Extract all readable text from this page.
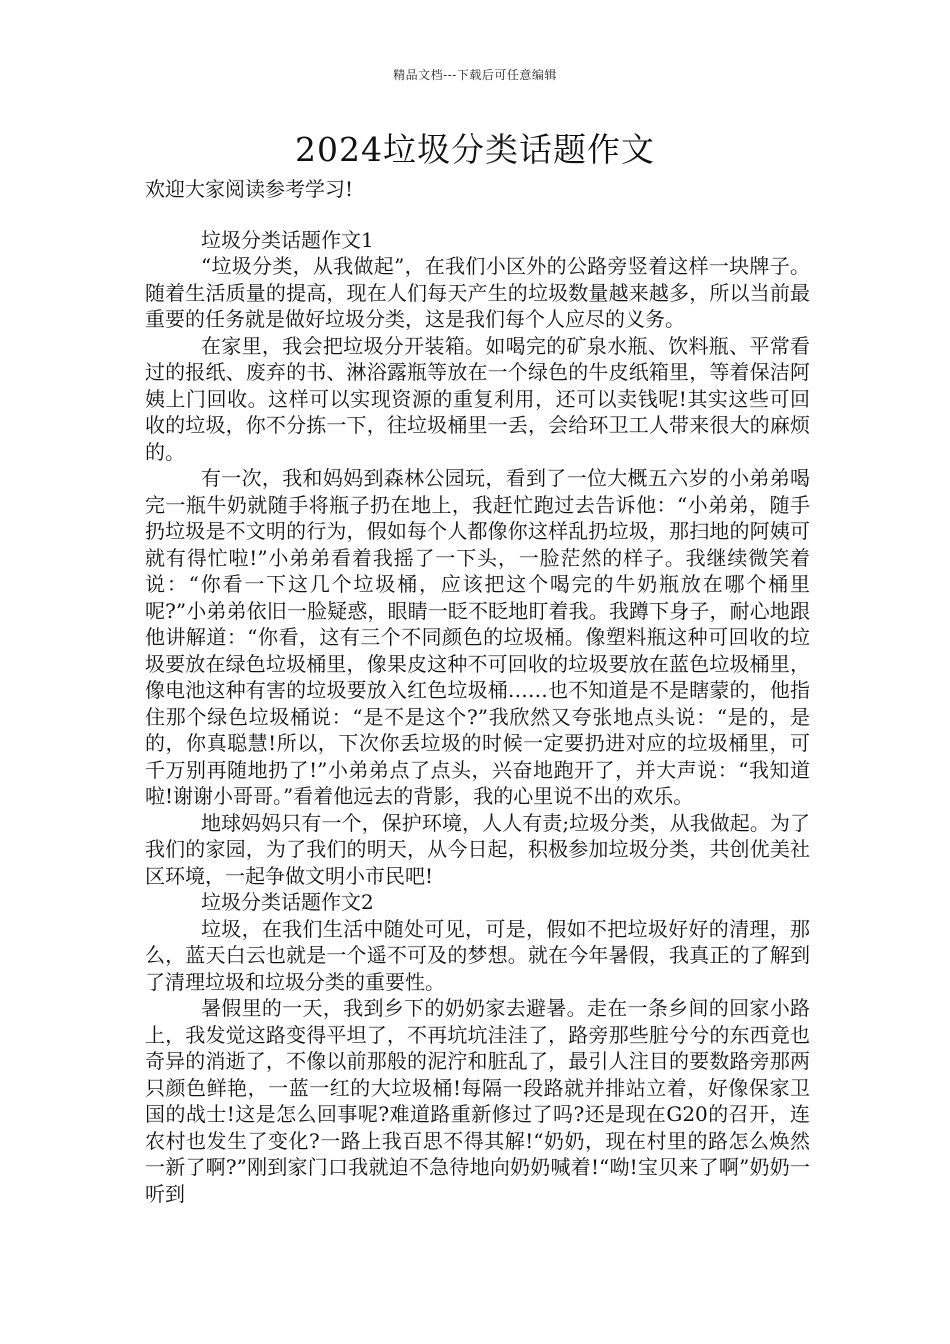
精品文档---下载后可任意编辑
2024垃圾分类话题作文

欢迎大家阅读参考学习!

垃圾分类话题作文1

“垃圾分类，从我做起”，在我们小区外的公路旁竖着这样一块牌子。随着生活质量的提高，现在人们每天产生的垃圾数量越来越多，所以当前最重要的任务就是做好垃圾分类，这是我们每个人应尽的义务。

在家里，我会把垃圾分开装箱。如喝完的矿泉水瓶、饮料瓶、平常看过的报纸、废弃的书、淋浴露瓶等放在一个绿色的牛皮纸箱里，等着保洁阿姨上门回收。这样可以实现资源的重复利用，还可以卖钱呢!其实这些可回收的垃圾，你不分拣一下，往垃圾桶里一丢，会给环卫工人带来很大的麻烦的。

有一次，我和妈妈到森林公园玩，看到了一位大概五六岁的小弟弟喝完一瓶牛奶就随手将瓶子扔在地上，我赶忙跑过去告诉他：“小弟弟，随手扔垃圾是不文明的行为，假如每个人都像你这样乱扔垃圾，那扫地的阿姨可就有得忙啦!”小弟弟看着我摇了一下头，一脸茫然的样子。我继续微笑着说：“你看一下这几个垃圾桶，应该把这个喝完的牛奶瓶放在哪个桶里呢?”小弟弟依旧一脸疑惑，眼睛一眨不眨地盯着我。我蹲下身子，耐心地跟他讲解道：“你看，这有三个不同颜色的垃圾桶。像塑料瓶这种可回收的垃圾要放在绿色垃圾桶里，像果皮这种不可回收的垃圾要放在蓝色垃圾桶里，像电池这种有害的垃圾要放入红色垃圾桶……也不知道是不是瞎蒙的，他指住那个绿色垃圾桶说：“是不是这个?”我欣然又夸张地点头说：“是的，是的，你真聪慧!所以，下次你丢垃圾的时候一定要扔进对应的垃圾桶里，可千万别再随地扔了!”小弟弟点了点头，兴奋地跑开了，并大声说：“我知道啦!谢谢小哥哥。”看着他远去的背影，我的心里说不出的欢乐。

地球妈妈只有一个，保护环境，人人有责;垃圾分类，从我做起。为了我们的家园，为了我们的明天，从今日起，积极参加垃圾分类，共创优美社区环境，一起争做文明小市民吧!

垃圾分类话题作文2

垃圾，在我们生活中随处可见，可是，假如不把垃圾好好的清理，那么，蓝天白云也就是一个遥不可及的梦想。就在今年暑假，我真正的了解到了清理垃圾和垃圾分类的重要性。

暑假里的一天，我到乡下的奶奶家去避暑。走在一条乡间的回家小路上，我发觉这路变得平坦了，不再坑坑洼洼了，路旁那些脏兮兮的东西竟也奇异的消逝了，不像以前那般的泥泞和脏乱了，最引人注目的要数路旁那两只颜色鲜艳，一蓝一红的大垃圾桶!每隔一段路就并排站立着，好像保家卫国的战士!这是怎么回事呢?难道路重新修过了吗?还是现在G20的召开，连农村也发生了变化?一路上我百思不得其解!“奶奶，现在村里的路怎么焕然一新了啊?”刚到家门口我就迫不急待地向奶奶喊着!“呦!宝贝来了啊”奶奶一听到
